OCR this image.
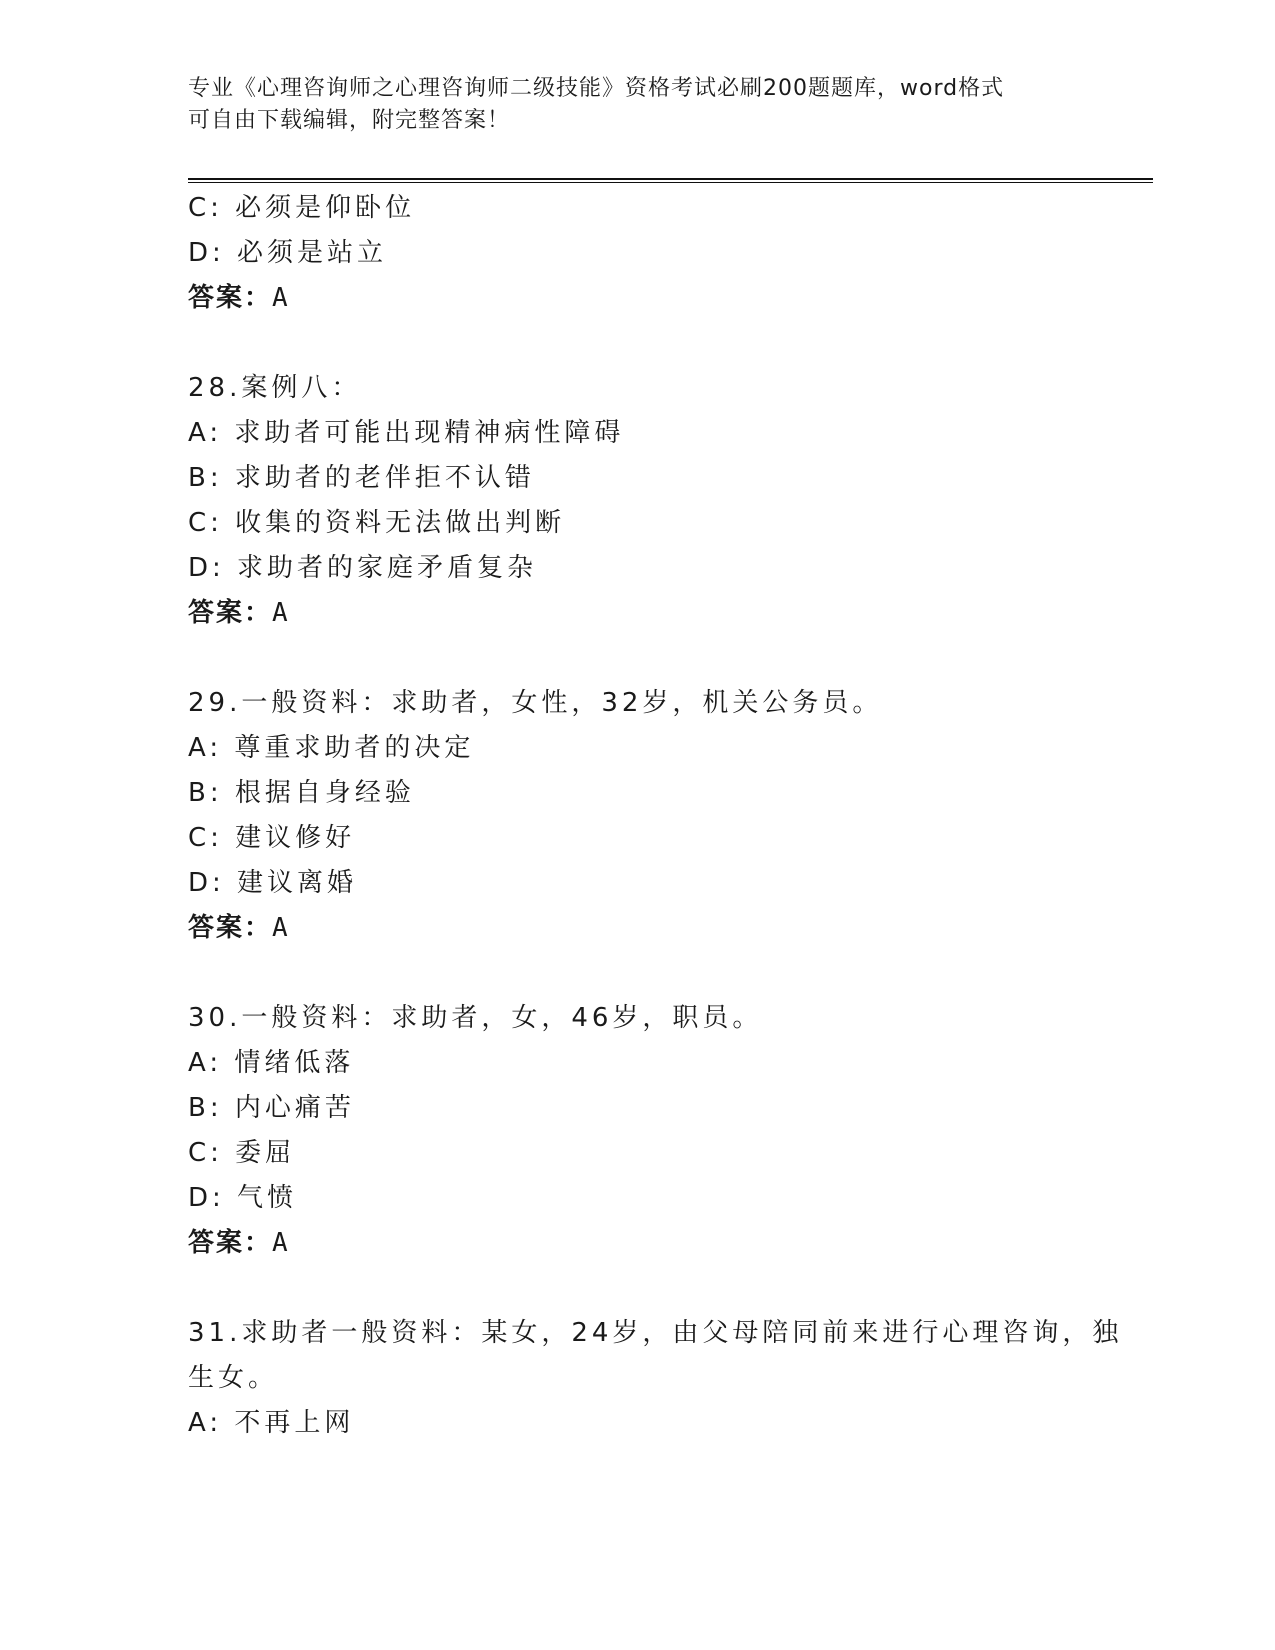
专业《心理咨询师之心理咨询师二级技能》资格考试必刷200题题库，word格式
可自由下载编辑，附完整答案！
C: 必须是仰卧位
D: 必须是站立
答案：A
28.案例八：
A: 求助者可能出现精神病性障碍
B: 求助者的老伴拒不认错
C: 收集的资料无法做出判断
D: 求助者的家庭矛盾复杂
答案：A
29.一般资料：求助者，女性，32岁，机关公务员。
A: 尊重求助者的决定
B: 根据自身经验
C: 建议修好
D: 建议离婚
答案：A
30.一般资料：求助者，女，46岁，职员。
A: 情绪低落
B: 内心痛苦
C: 委屈
D: 气愤
答案：A
31.求助者一般资料：某女，24岁，由父母陪同前来进行心理咨询，独
生女。
A: 不再上网
